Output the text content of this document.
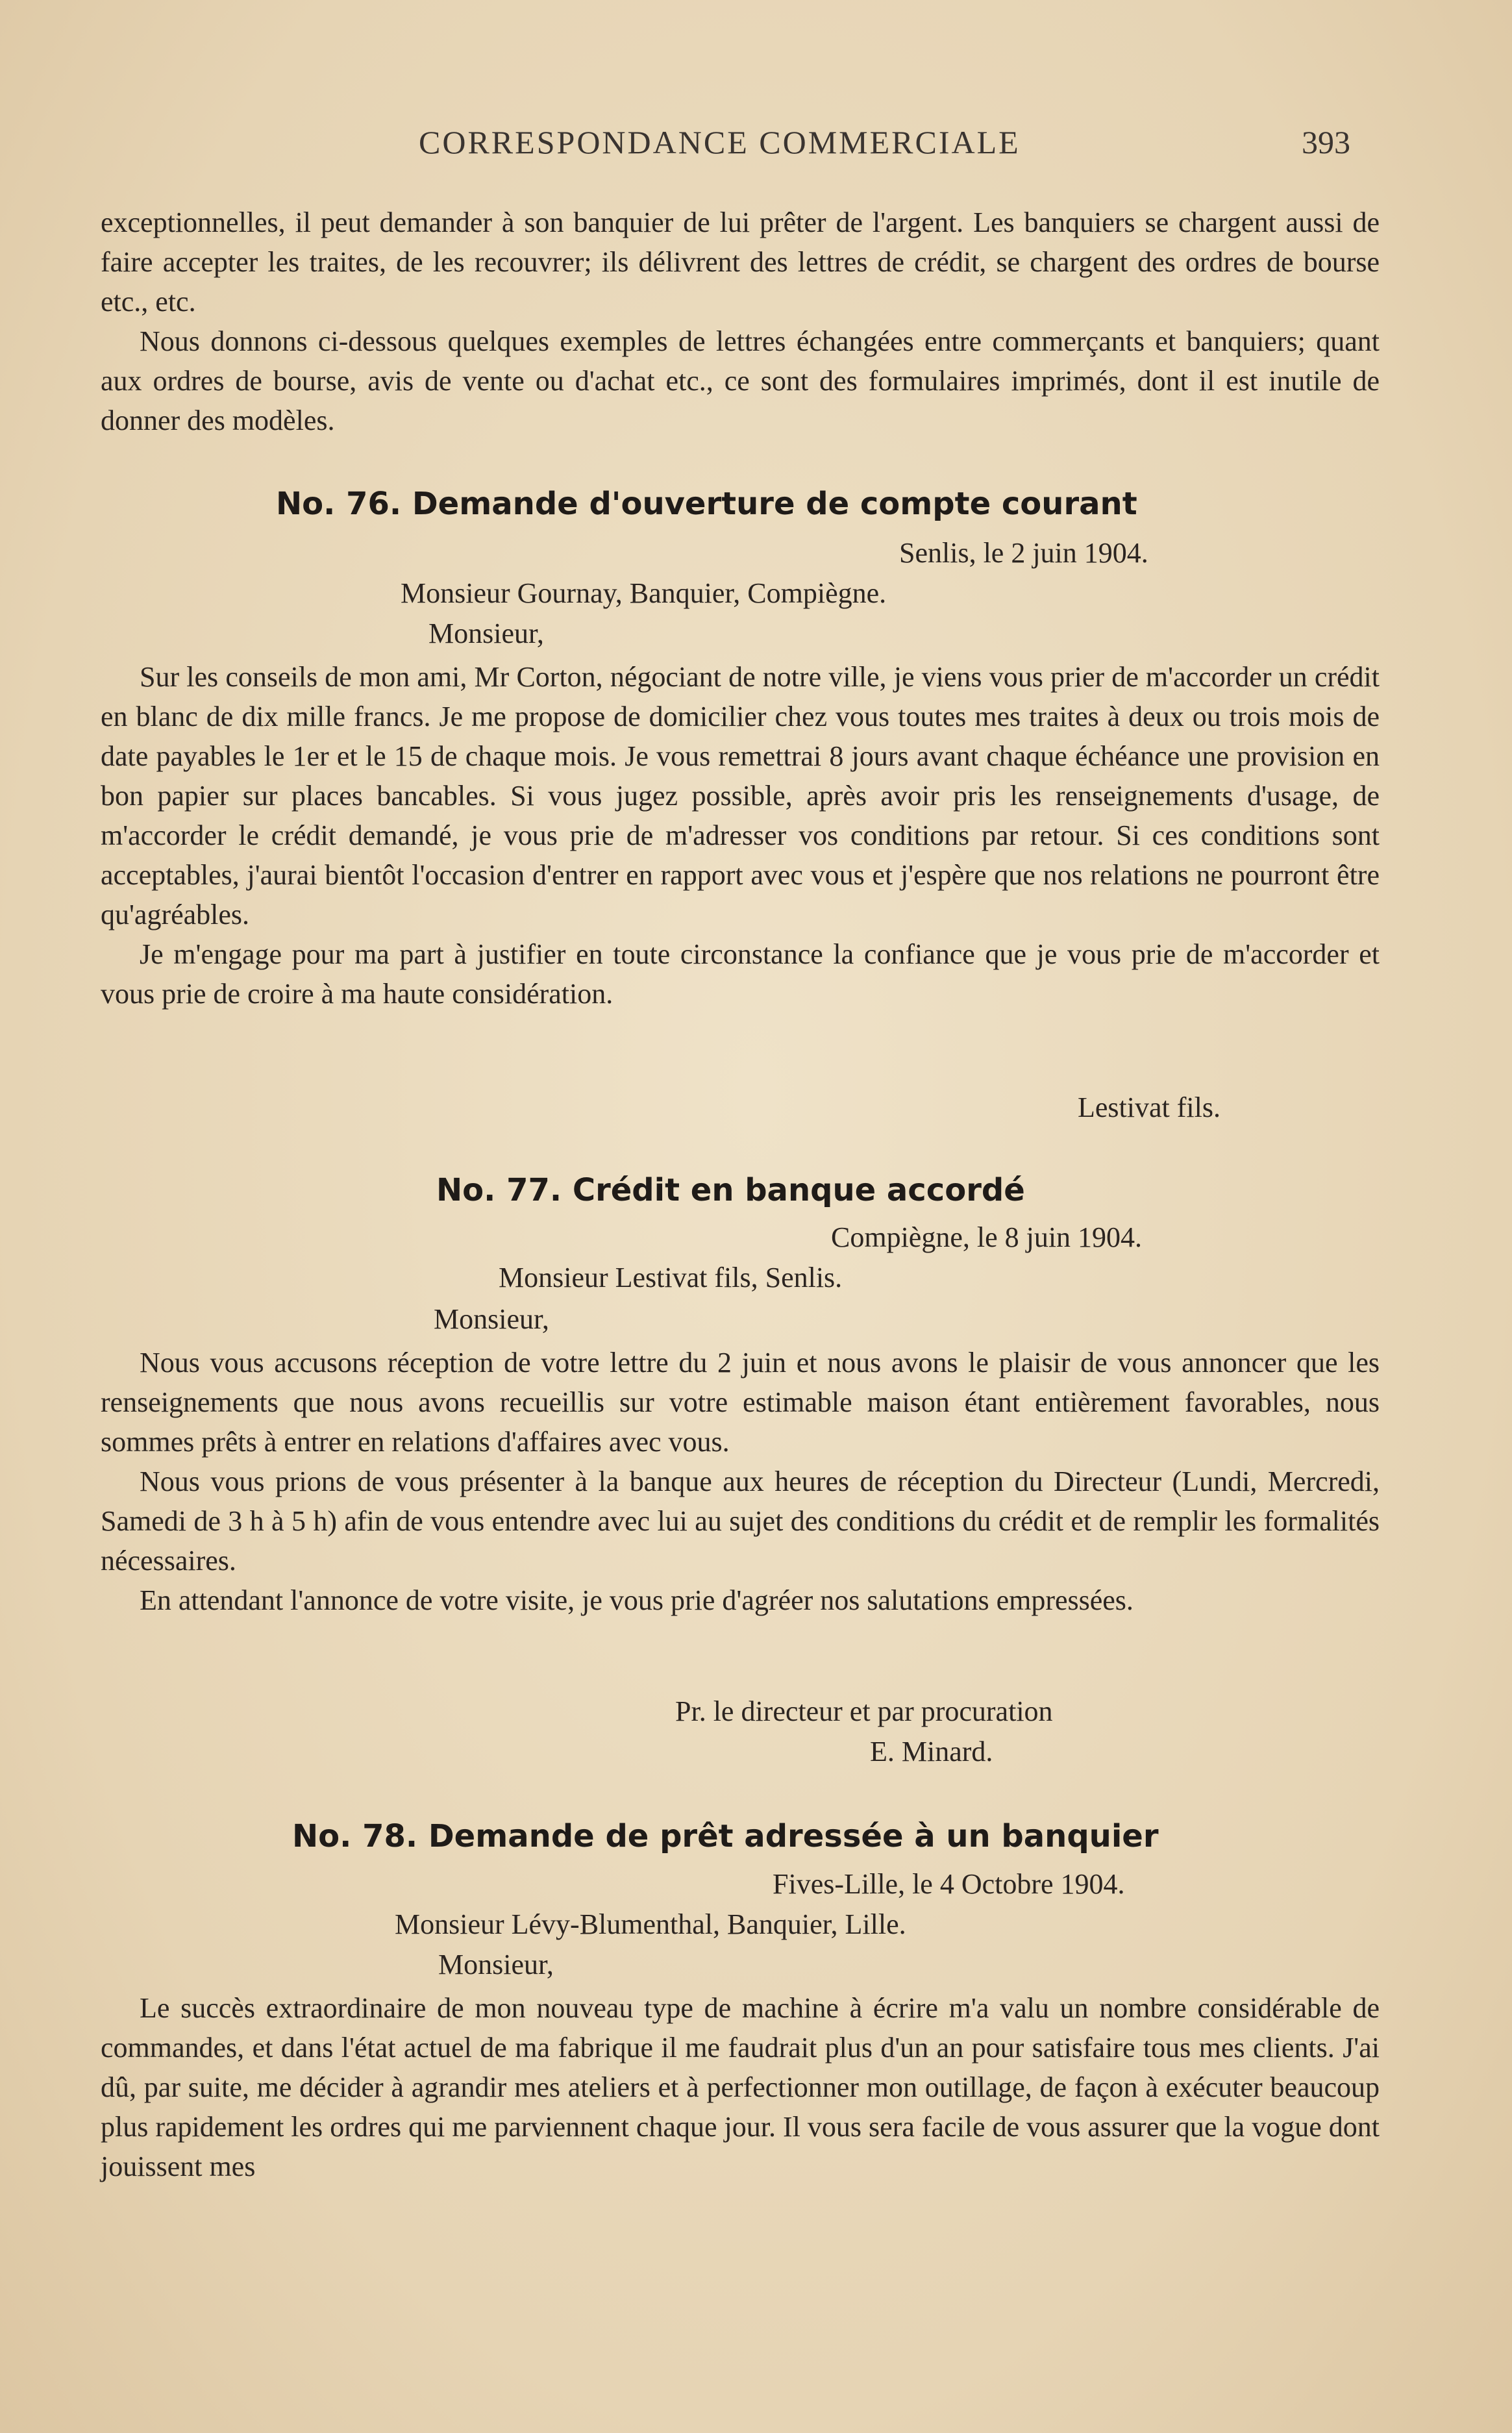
CORRESPONDANCE COMMERCIALE	393

exceptionnelles, il peut demander à son banquier de lui prêter de l'argent. Les banquiers se chargent aussi de faire accepter les traites, de les recouvrer; ils délivrent des lettres de crédit, se chargent des ordres de bourse etc., etc.

Nous donnons ci-dessous quelques exemples de lettres échangées entre commerçants et banquiers; quant aux ordres de bourse, avis de vente ou d'achat etc., ce sont des formulaires imprimés, dont il est inutile de donner des modèles.

No. 76. Demande d'ouverture de compte courant
Senlis, le 2 juin 1904.
Monsieur Gournay, Banquier, Compiègne.
Monsieur,

Sur les conseils de mon ami, Mr Corton, négociant de notre ville, je viens vous prier de m'accorder un crédit en blanc de dix mille francs. Je me propose de domicilier chez vous toutes mes traites à deux ou trois mois de date payables le 1er et le 15 de chaque mois. Je vous remettrai 8 jours avant chaque échéance une provision en bon papier sur places bancables. Si vous jugez possible, après avoir pris les renseignements d'usage, de m'accorder le crédit demandé, je vous prie de m'adresser vos conditions par retour. Si ces conditions sont acceptables, j'aurai bientôt l'occasion d'entrer en rapport avec vous et j'espère que nos relations ne pourront être qu'agréables.

Je m'engage pour ma part à justifier en toute circonstance la confiance que je vous prie de m'accorder et vous prie de croire à ma haute considération.

Lestivat fils.
No. 77. Crédit en banque accordé
Compiègne, le 8 juin 1904.
Monsieur Lestivat fils, Senlis.
Monsieur,

Nous vous accusons réception de votre lettre du 2 juin et nous avons le plaisir de vous annoncer que les renseignements que nous avons recueillis sur votre estimable maison étant entièrement favorables, nous sommes prêts à entrer en relations d'affaires avec vous.

Nous vous prions de vous présenter à la banque aux heures de réception du Directeur (Lundi, Mercredi, Samedi de 3 h à 5 h) afin de vous entendre avec lui au sujet des conditions du crédit et de remplir les formalités nécessaires.

En attendant l'annonce de votre visite, je vous prie d'agréer nos salutations empressées.

Pr. le directeur et par procuration
E. Minard.
No. 78. Demande de prêt adressée à un banquier
Fives-Lille, le 4 Octobre 1904.
Monsieur Lévy-Blumenthal, Banquier, Lille.
Monsieur,

Le succès extraordinaire de mon nouveau type de machine à écrire m'a valu un nombre considérable de commandes, et dans l'état actuel de ma fabrique il me faudrait plus d'un an pour satisfaire tous mes clients. J'ai dû, par suite, me décider à agrandir mes ateliers et à perfectionner mon outillage, de façon à exécuter beaucoup plus rapidement les ordres qui me parviennent chaque jour. Il vous sera facile de vous assurer que la vogue dont jouissent mes
